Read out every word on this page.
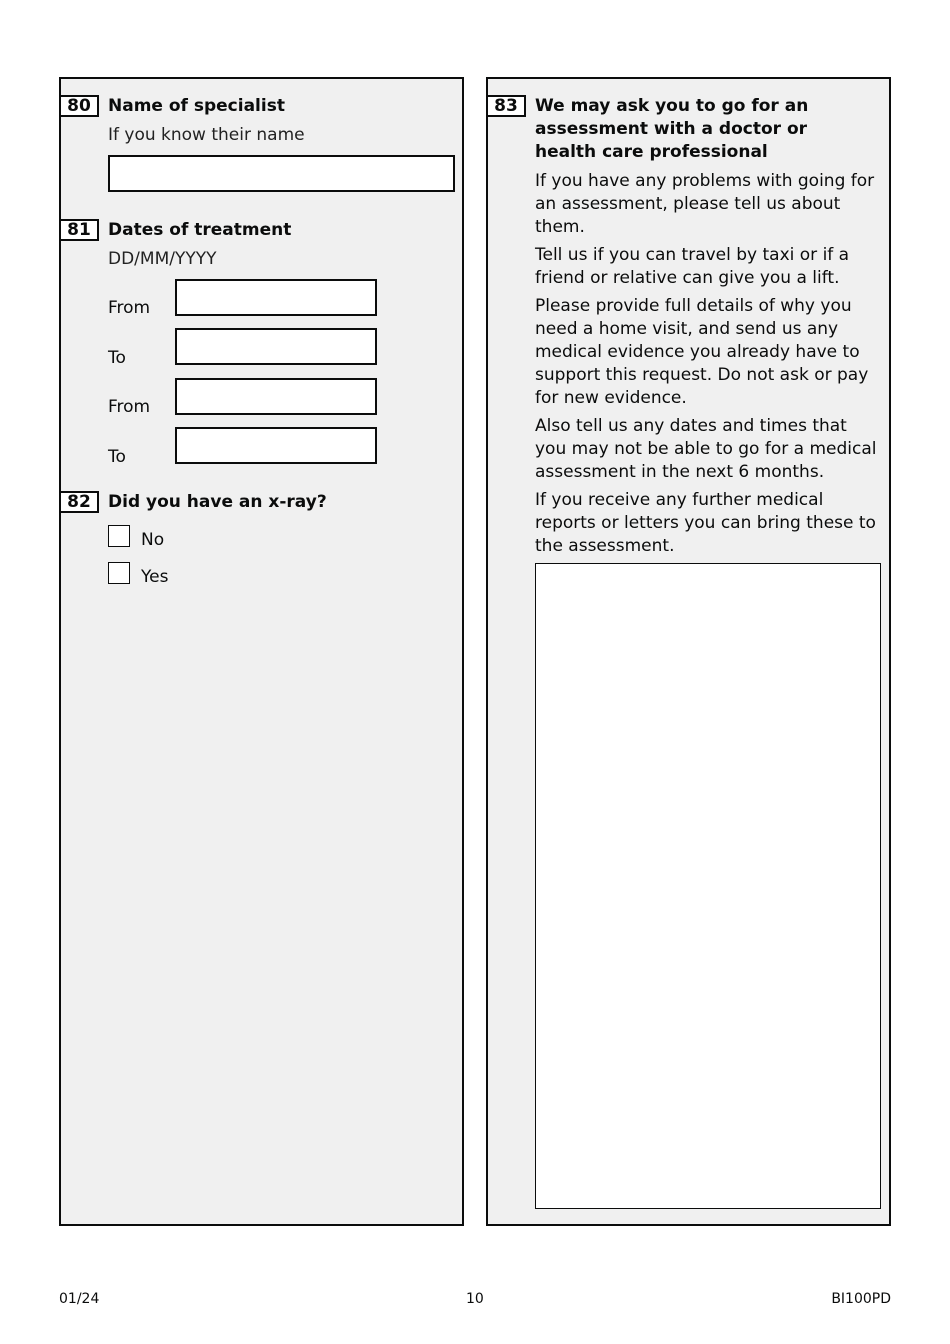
80	Name of specialist
If you know their name
81	Dates of treatment
DD/MM/YYYY
From
To
From
To
82	Did you have an x-ray?
No
Yes
83	We may ask you to go for an assessment with a doctor or health care professional

If you have any problems with going for an assessment, please tell us about them.

Tell us if you can travel by taxi or if a friend or relative can give you a lift.

Please provide full details of why you need a home visit, and send us any medical evidence you already have to support this request. Do not ask or pay for new evidence.

Also tell us any dates and times that you may not be able to go for a medical assessment in the next 6 months.

If you receive any further medical reports or letters you can bring these to the assessment.

01/24	10	BI100PD
